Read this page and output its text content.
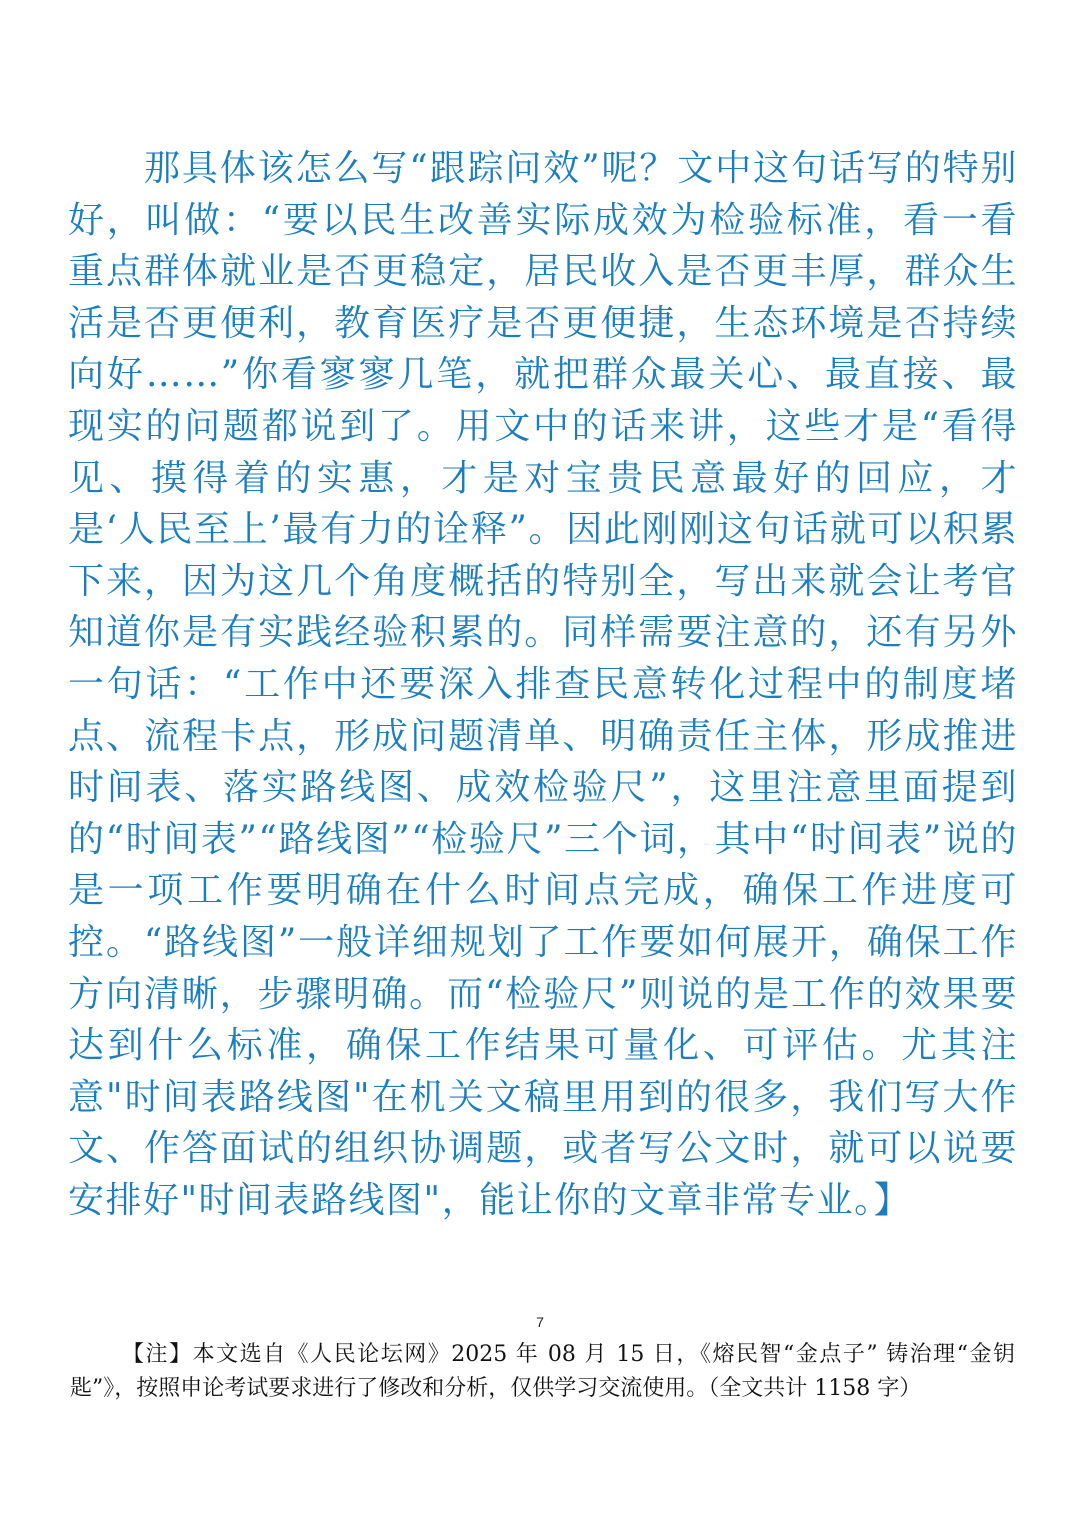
那具体该怎么写“跟踪问效”呢？文中这句话写的特别好，叫做：“要以民生改善实际成效为检验标准，看一看重点群体就业是否更稳定，居民收入是否更丰厚，群众生活是否更便利，教育医疗是否更便捷，生态环境是否持续向好……”你看寥寥几笔，就把群众最关心、最直接、最现实的问题都说到了。用文中的话来讲，这些才是“看得见、摸得着的实惠，才是对宝贵民意最好的回应，才是‘人民至上’最有力的诠释”。因此刚刚这句话就可以积累下来，因为这几个角度概括的特别全，写出来就会让考官知道你是有实践经验积累的。同样需要注意的，还有另外一句话：“工作中还要深入排查民意转化过程中的制度堵点、流程卡点，形成问题清单、明确责任主体，形成推进时间表、落实路线图、成效检验尺”，这里注意里面提到的“时间表”“路线图”“检验尺”三个词，其中“时间表”说的是一项工作要明确在什么时间点完成，确保工作进度可控。“路线图”一般详细规划了工作要如何展开，确保工作方向清晰，步骤明确。而“检验尺”则说的是工作的效果要达到什么标准，确保工作结果可量化、可评估。尤其注意"时间表路线图"在机关文稿里用到的很多，我们写大作文、作答面试的组织协调题，或者写公文时，就可以说要安排好"时间表路线图"，能让你的文章非常专业。】

7

【注】本文选自《人民论坛网》2025 年 08 月 15 日，《熔民智“金点子” 铸治理“金钥匙”》，按照申论考试要求进行了修改和分析，仅供学习交流使用。（全文共计 1158 字）
